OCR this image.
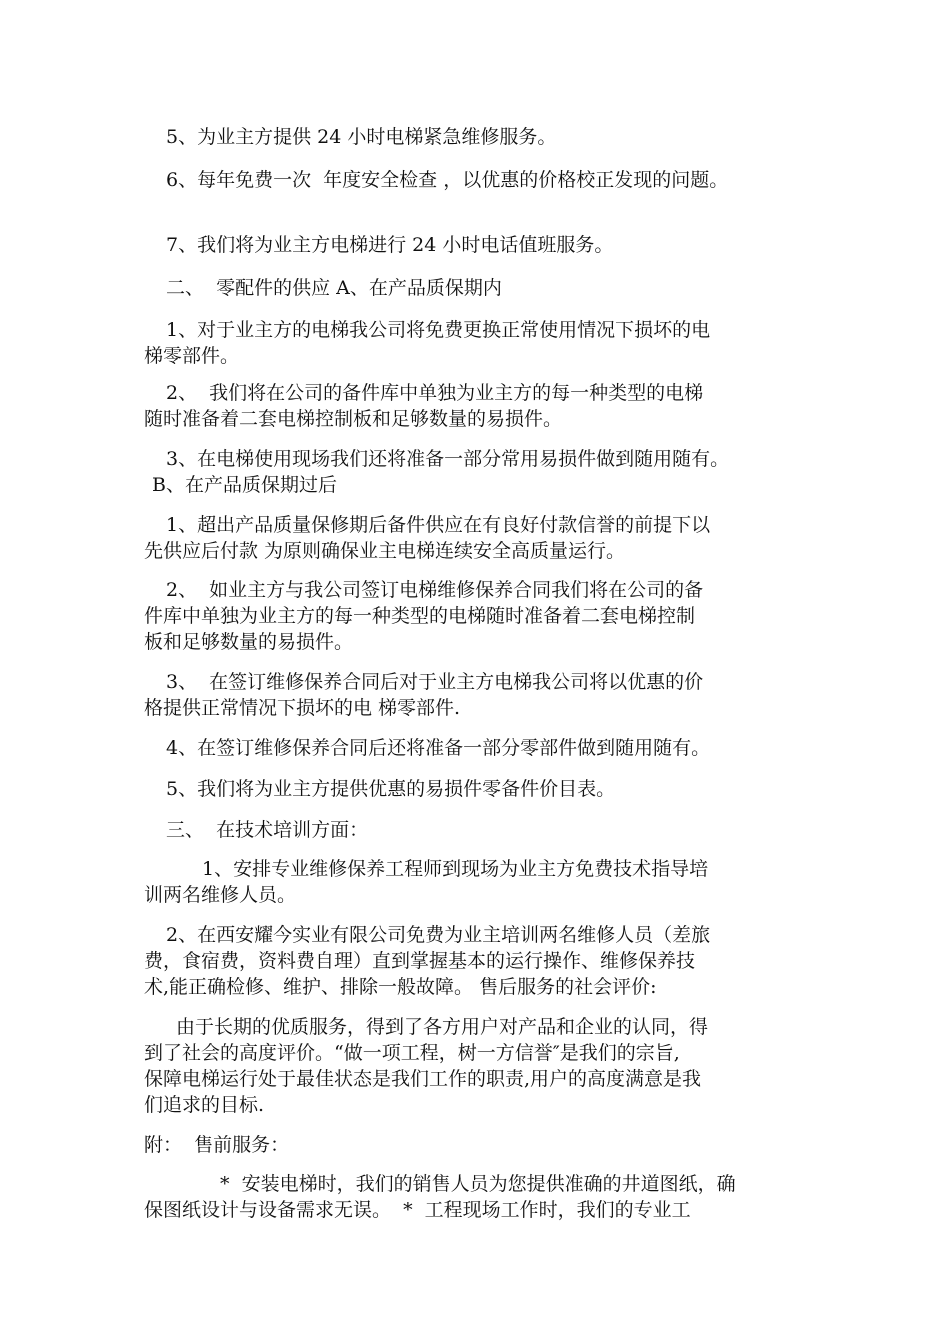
5、为业主方提供 24 小时电梯紧急维修服务。
6、每年免费一次  年度安全检查 ，以优惠的价格校正发现的问题。
7、我们将为业主方电梯进行 24 小时电话值班服务。
二、  零配件的供应 A、在产品质保期内
1、对于业主方的电梯我公司将免费更换正常使用情况下损坏的电
梯零部件。
2、  我们将在公司的备件库中单独为业主方的每一种类型的电梯
随时准备着二套电梯控制板和足够数量的易损件。
3、在电梯使用现场我们还将准备一部分常用易损件做到随用随有。
B、在产品质保期过后
1、超出产品质量保修期后备件供应在有良好付款信誉的前提下以
先供应后付款 为原则确保业主电梯连续安全高质量运行。
2、  如业主方与我公司签订电梯维修保养合同我们将在公司的备
件库中单独为业主方的每一种类型的电梯随时准备着二套电梯控制
板和足够数量的易损件。
3、  在签订维修保养合同后对于业主方电梯我公司将以优惠的价
格提供正常情况下损坏的电 梯零部件.
4、在签订维修保养合同后还将准备一部分零部件做到随用随有。
5、我们将为业主方提供优惠的易损件零备件价目表。
三、  在技术培训方面：
1、安排专业维修保养工程师到现场为业主方免费技术指导培
训两名维修人员。
2、在西安耀今实业有限公司免费为业主培训两名维修人员（差旅
费，食宿费，资料费自理）直到掌握基本的运行操作、维修保养技
术,能正确检修、维护、排除一般故障。 售后服务的社会评价:
由于长期的优质服务，得到了各方用户对产品和企业的认同，得
到了社会的高度评价。“做一项工程，树一方信誉″是我们的宗旨,
保障电梯运行处于最佳状态是我们工作的职责,用户的高度满意是我
们追求的目标.
附：  售前服务：
*  安装电梯时，我们的销售人员为您提供准确的井道图纸，确
保图纸设计与设备需求无误。  *  工程现场工作时，我们的专业工
